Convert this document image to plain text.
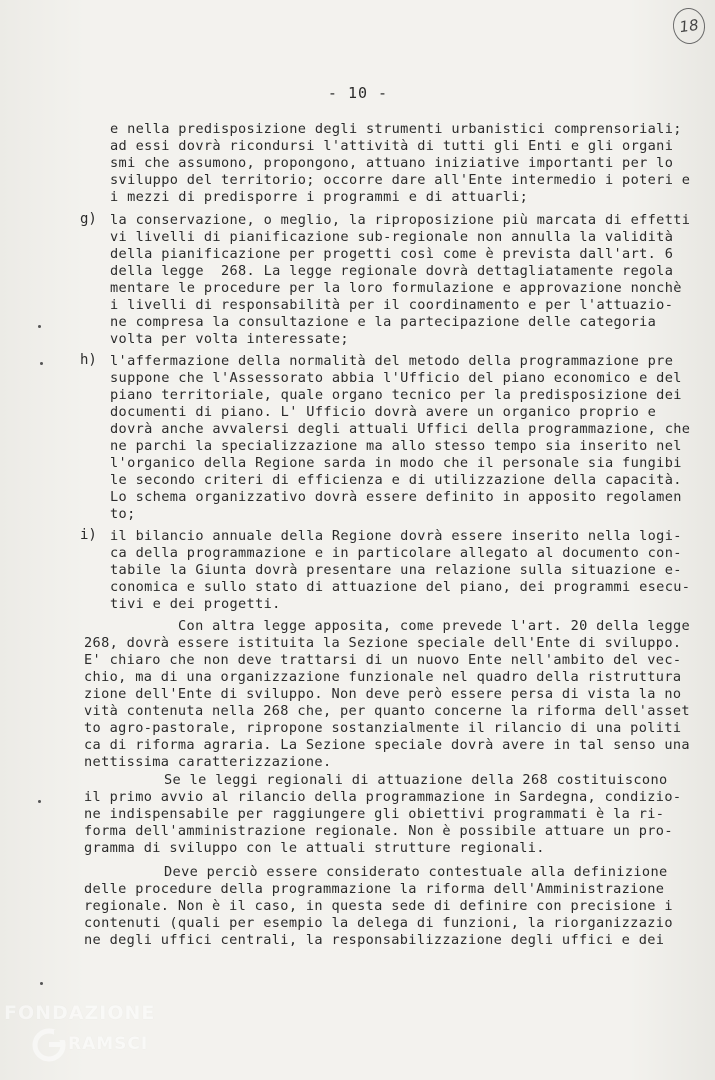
18
- 10 -
e nella predisposizione degli strumenti urbanistici comprensoriali;
ad essi dovrà ricondursi l'attività di tutti gli Enti e gli organi
smi che assumono, propongono, attuano iniziative importanti per lo
sviluppo del territorio; occorre dare all'Ente intermedio i poteri e
i mezzi di predisporre i programmi e di attuarli;
g) la conservazione, o meglio, la riproposizione più marcata di effetti
vi livelli di pianificazione sub-regionale non annulla la validità
della pianificazione per progetti così come è prevista dall'art. 6
della legge  268. La legge regionale dovrà dettagliatamente regola
mentare le procedure per la loro formulazione e approvazione nonchè
i livelli di responsabilità per il coordinamento e per l'attuazio-
ne compresa la consultazione e la partecipazione delle categoria
volta per volta interessate;
h) l'affermazione della normalità del metodo della programmazione pre
suppone che l'Assessorato abbia l'Ufficio del piano economico e del
piano territoriale, quale organo tecnico per la predisposizione dei
documenti di piano. L' Ufficio dovrà avere un organico proprio e
dovrà anche avvalersi degli attuali Uffici della programmazione, che
ne parchi la specializzazione ma allo stesso tempo sia inserito nel
l'organico della Regione sarda in modo che il personale sia fungibi
le secondo criteri di efficienza e di utilizzazione della capacità.
Lo schema organizzativo dovrà essere definito in apposito regolamen
to;
i) il bilancio annuale della Regione dovrà essere inserito nella logi-
ca della programmazione e in particolare allegato al documento con-
tabile la Giunta dovrà presentare una relazione sulla situazione e-
conomica e sullo stato di attuazione del piano, dei programmi esecu-
tivi e dei progetti.
Con altra legge apposita, come prevede l'art. 20 della legge
268, dovrà essere istituita la Sezione speciale dell'Ente di sviluppo.
E' chiaro che non deve trattarsi di un nuovo Ente nell'ambito del vec-
chio, ma di una organizzazione funzionale nel quadro della ristruttura
zione dell'Ente di sviluppo. Non deve però essere persa di vista la no
vità contenuta nella 268 che, per quanto concerne la riforma dell'asset
to agro-pastorale, ripropone sostanzialmente il rilancio di una politi
ca di riforma agraria. La Sezione speciale dovrà avere in tal senso una
nettissima caratterizzazione.
Se le leggi regionali di attuazione della 268 costituiscono
il primo avvio al rilancio della programmazione in Sardegna, condizio-
ne indispensabile per raggiungere gli obiettivi programmati è la ri-
forma dell'amministrazione regionale. Non è possibile attuare un pro-
gramma di sviluppo con le attuali strutture regionali.
Deve perciò essere considerato contestuale alla definizione
delle procedure della programmazione la riforma dell'Amministrazione
regionale. Non è il caso, in questa sede di definire con precisione i
contenuti (quali per esempio la delega di funzioni, la riorganizzazio
ne degli uffici centrali, la responsabilizzazione degli uffici e dei
FONDAZIONE
RAMSCI
